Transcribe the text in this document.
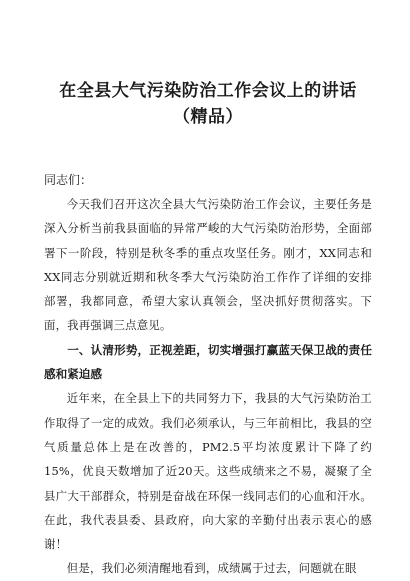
在全县大气污染防治工作会议上的讲话
（精品）

同志们：

今天我们召开这次全县大气污染防治工作会议，主要任务是深入分析当前我县面临的异常严峻的大气污染防治形势，全面部署下一阶段，特别是秋冬季的重点攻坚任务。刚才，XX同志和XX同志分别就近期和秋冬季大气污染防治工作作了详细的安排部署，我都同意，希望大家认真领会，坚决抓好贯彻落实。下面，我再强调三点意见。

一、认清形势，正视差距，切实增强打赢蓝天保卫战的责任感和紧迫感

近年来，在全县上下的共同努力下，我县的大气污染防治工作取得了一定的成效。我们必须承认，与三年前相比，我县的空气质量总体上是在改善的，PM2.5平均浓度累计下降了约15%，优良天数增加了近20天。这些成绩来之不易，凝聚了全县广大干部群众，特别是奋战在环保一线同志们的心血和汗水。在此，我代表县委、县政府，向大家的辛勤付出表示衷心的感谢！

但是，我们必须清醒地看到，成绩属于过去，问题就在眼
